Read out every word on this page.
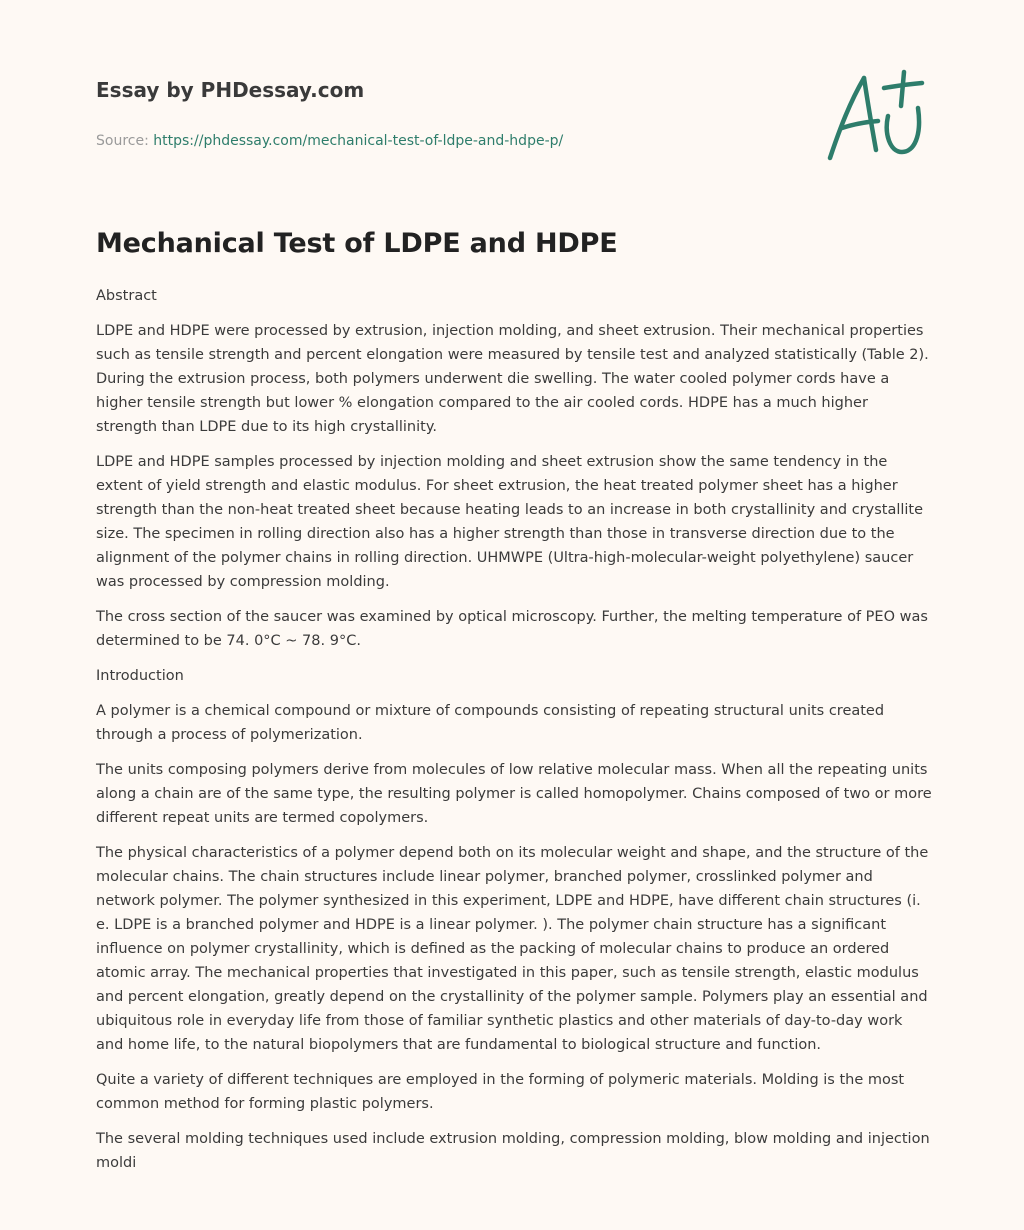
Essay by PHDessay.com
Source: https://phdessay.com/mechanical-test-of-ldpe-and-hdpe-p/
Mechanical Test of LDPE and HDPE

Abstract

LDPE and HDPE were processed by extrusion, injection molding, and sheet extrusion. Their mechanical properties such as tensile strength and percent elongation were measured by tensile test and analyzed statistically (Table 2). During the extrusion process, both polymers underwent die swelling. The water cooled polymer cords have a higher tensile strength but lower % elongation compared to the air cooled cords. HDPE has a much higher strength than LDPE due to its high crystallinity.

LDPE and HDPE samples processed by injection molding and sheet extrusion show the same tendency in the extent of yield strength and elastic modulus. For sheet extrusion, the heat treated polymer sheet has a higher strength than the non-heat treated sheet because heating leads to an increase in both crystallinity and crystallite size. The specimen in rolling direction also has a higher strength than those in transverse direction due to the alignment of the polymer chains in rolling direction. UHMWPE (Ultra-high-molecular-weight polyethylene) saucer was processed by compression molding.

The cross section of the saucer was examined by optical microscopy. Further, the melting temperature of PEO was determined to be 74. 0°C ~ 78. 9°C.

Introduction

A polymer is a chemical compound or mixture of compounds consisting of repeating structural units created through a process of polymerization.

The units composing polymers derive from molecules of low relative molecular mass. When all the repeating units along a chain are of the same type, the resulting polymer is called homopolymer. Chains composed of two or more different repeat units are termed copolymers.

The physical characteristics of a polymer depend both on its molecular weight and shape, and the structure of the molecular chains. The chain structures include linear polymer, branched polymer, crosslinked polymer and network polymer. The polymer synthesized in this experiment, LDPE and HDPE, have different chain structures (i. e. LDPE is a branched polymer and HDPE is a linear polymer. ). The polymer chain structure has a significant influence on polymer crystallinity, which is defined as the packing of molecular chains to produce an ordered atomic array. The mechanical properties that investigated in this paper, such as tensile strength, elastic modulus and percent elongation, greatly depend on the crystallinity of the polymer sample. Polymers play an essential and ubiquitous role in everyday life from those of familiar synthetic plastics and other materials of day-to-day work and home life, to the natural biopolymers that are fundamental to biological structure and function.

Quite a variety of different techniques are employed in the forming of polymeric materials. Molding is the most common method for forming plastic polymers.

The several molding techniques used include extrusion molding, compression molding, blow molding and injection moldi
